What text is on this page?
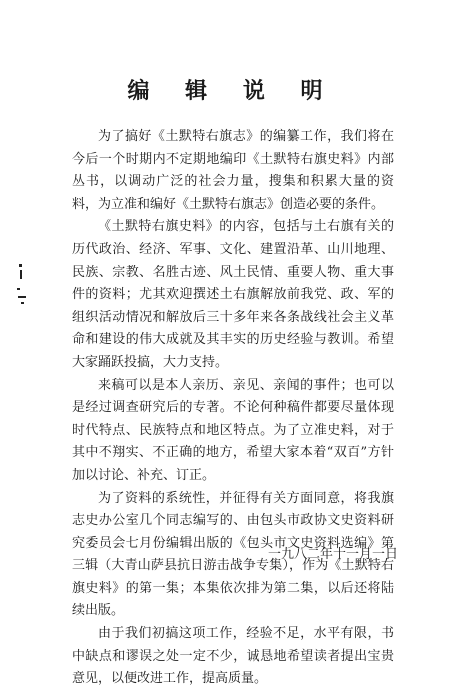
编 辑 说 明

为了搞好《土默特右旗志》的编纂工作，我们将在今后一个时期内不定期地编印《土默特右旗史料》内部丛书，以调动广泛的社会力量，搜集和积累大量的资料，为立准和编好《土默特右旗志》创造必要的条件。

《土默特右旗史料》的内容，包括与土右旗有关的历代政治、经济、军事、文化、建置沿革、山川地理、民族、宗教、名胜古迹、风土民情、重要人物、重大事件的资料；尤其欢迎撰述土右旗解放前我党、政、军的组织活动情况和解放后三十多年来各条战线社会主义革命和建设的伟大成就及其丰实的历史经验与教训。希望大家踊跃投搞，大力支持。

来稿可以是本人亲历、亲见、亲闻的事件；也可以是经过调查研究后的专著。不论何种稿件都要尽量体现时代特点、民族特点和地区特点。为了立准史料，对于其中不翔实、不正确的地方，希望大家本着“双百”方针加以讨论、补充、订正。

为了资料的系统性，并征得有关方面同意，将我旗志史办公室几个同志编写的、由包头市政协文史资料研究委员会七月份编辑出版的《包头市文史资料选编》第三辑（大青山萨县抗日游击战争专集），作为《土默特右旗史料》的第一集；本集依次排为第二集，以后还将陆续出版。

由于我们初搞这项工作，经验不足，水平有限，书中缺点和谬误之处一定不少，诚恳地希望读者提出宝贵意见，以便改进工作，提高质量。

一九八二年十一月一日
